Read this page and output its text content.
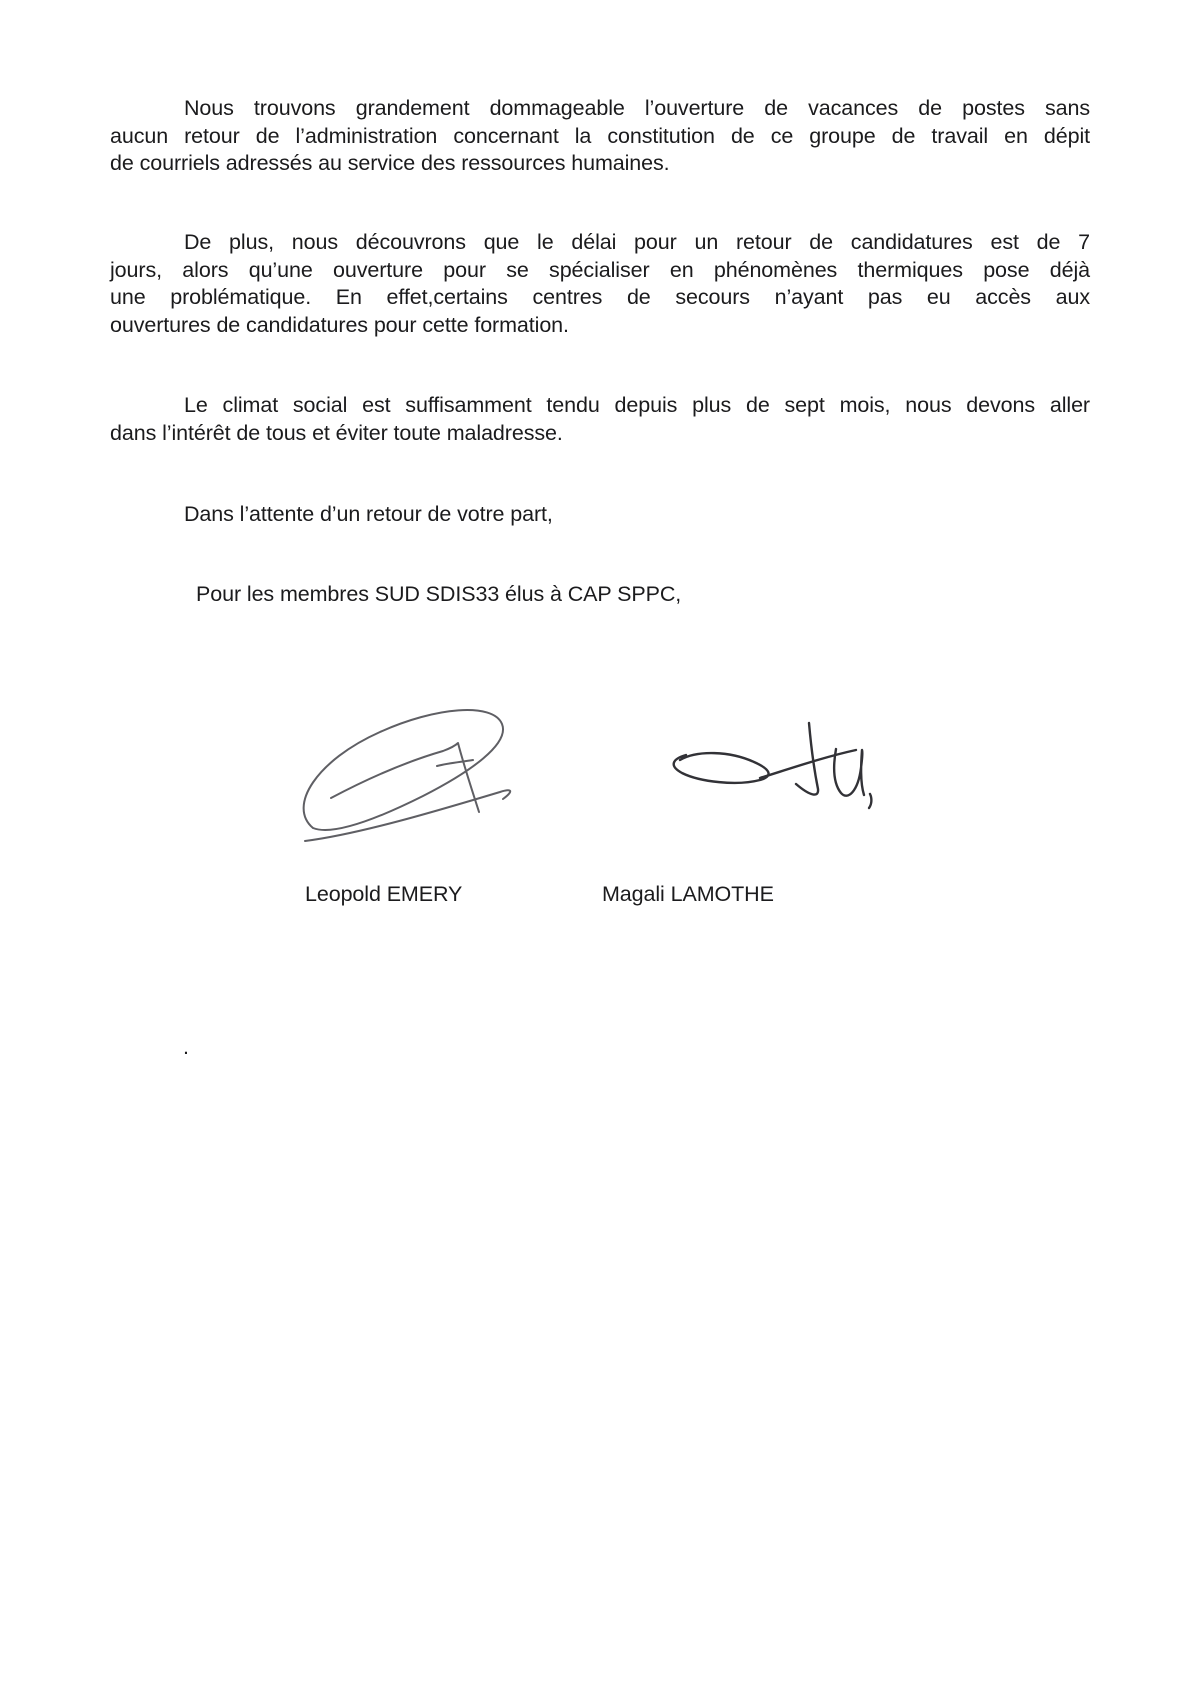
Nous trouvons grandement dommageable l’ouverture de vacances de postes sans
aucun retour de l’administration concernant la constitution de ce groupe de travail en dépit
de courriels adressés au service des ressources humaines.
De plus, nous découvrons que le délai pour un retour de candidatures est de 7
jours, alors qu’une ouverture pour se spécialiser en phénomènes thermiques pose déjà
une problématique. En effet,certains centres de secours n’ayant pas eu accès aux
ouvertures de candidatures pour cette formation.
Le climat social est suffisamment tendu depuis plus de sept mois, nous devons aller
dans l’intérêt de tous et éviter toute maladresse.
Dans l’attente d’un retour de votre part,
Pour les membres SUD SDIS33 élus à CAP SPPC,
Leopold EMERY	Magali LAMOTHE
.
